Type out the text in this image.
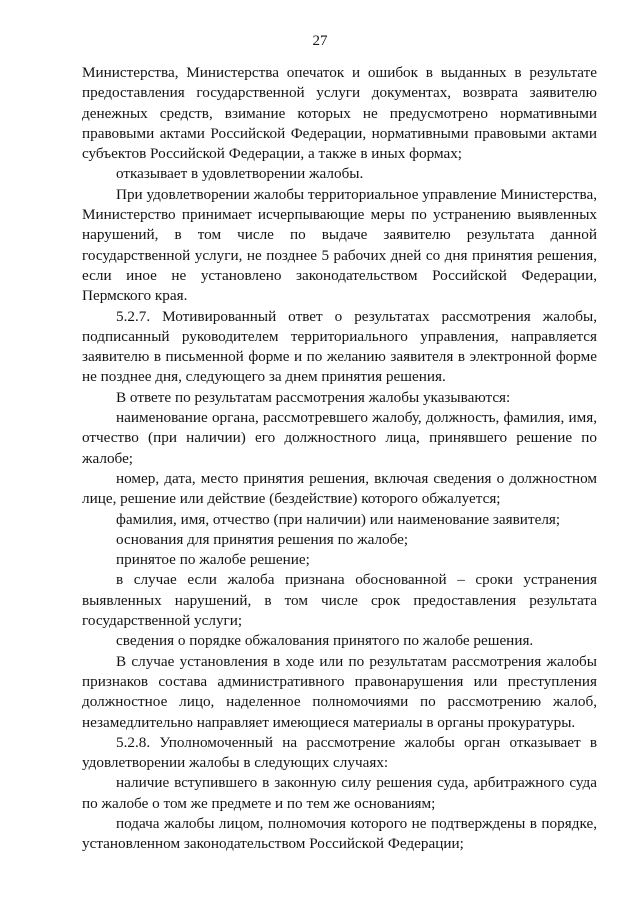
27

Министерства, Министерства опечаток и ошибок в выданных в результате предоставления государственной услуги документах, возврата заявителю денежных средств, взимание которых не предусмотрено нормативными правовыми актами Российской Федерации, нормативными правовыми актами субъектов Российской Федерации, а также в иных формах;

отказывает в удовлетворении жалобы.

При удовлетворении жалобы территориальное управление Министерства, Министерство принимает исчерпывающие меры по устранению выявленных нарушений, в том числе по выдаче заявителю результата данной государственной услуги, не позднее 5 рабочих дней со дня принятия решения, если иное не установлено законодательством Российской Федерации, Пермского края.

5.2.7. Мотивированный ответ о результатах рассмотрения жалобы, подписанный руководителем территориального управления, направляется заявителю в письменной форме и по желанию заявителя в электронной форме не позднее дня, следующего за днем принятия решения.

В ответе по результатам рассмотрения жалобы указываются:

наименование органа, рассмотревшего жалобу, должность, фамилия, имя, отчество (при наличии) его должностного лица, принявшего решение по жалобе;

номер, дата, место принятия решения, включая сведения о должностном лице, решение или действие (бездействие) которого обжалуется;

фамилия, имя, отчество (при наличии) или наименование заявителя;

основания для принятия решения по жалобе;

принятое по жалобе решение;

в случае если жалоба признана обоснованной – сроки устранения выявленных нарушений, в том числе срок предоставления результата государственной услуги;

сведения о порядке обжалования принятого по жалобе решения.

В случае установления в ходе или по результатам рассмотрения жалобы признаков состава административного правонарушения или преступления должностное лицо, наделенное полномочиями по рассмотрению жалоб, незамедлительно направляет имеющиеся материалы в органы прокуратуры.

5.2.8. Уполномоченный на рассмотрение жалобы орган отказывает в удовлетворении жалобы в следующих случаях:

наличие вступившего в законную силу решения суда, арбитражного суда по жалобе о том же предмете и по тем же основаниям;

подача жалобы лицом, полномочия которого не подтверждены в порядке, установленном законодательством Российской Федерации;
